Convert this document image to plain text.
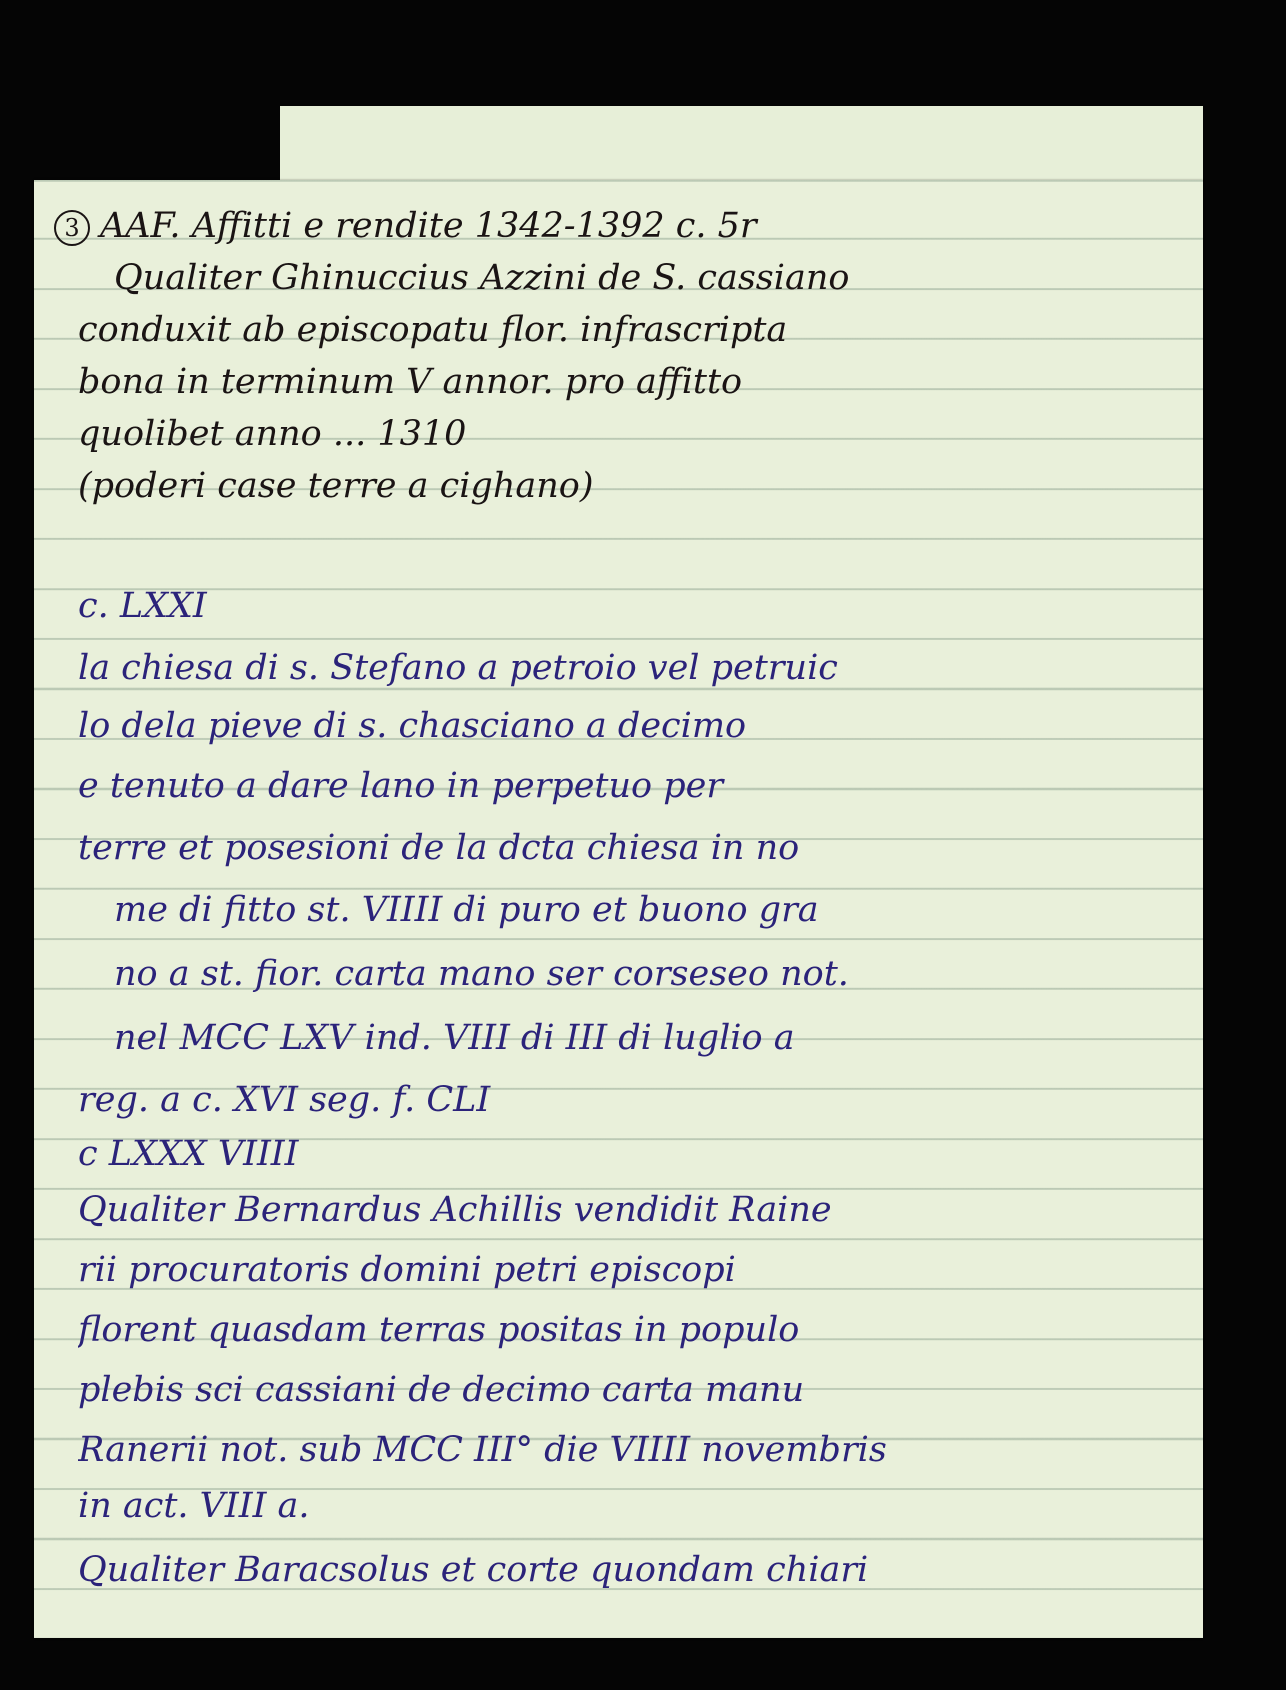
3 AAF. Affitti e rendite 1342-1392 c. 5r
Qualiter Ghinuccius Azzini de S. cassiano
conduxit ab episcopatu flor. infrascripta
bona in terminum V annor. pro affitto
quolibet anno ... 1310
(poderi case terre a cighano)
c. LXXI
la chiesa di s. Stefano a petroio vel petruic
lo dela pieve di s. chasciano a decimo
e tenuto a dare lano in perpetuo per
terre et posesioni de la dcta chiesa in no
me di fitto st. VIIII di puro et buono gra
no a st. fior. carta mano ser corseseo not.
nel MCC LXV ind. VIII di III di luglio a
reg. a c. XVI seg. f. CLI
c LXXX VIIII
Qualiter Bernardus Achillis vendidit Raine
rii procuratoris domini petri episcopi
florent quasdam terras positas in populo
plebis sci cassiani de decimo carta manu
Ranerii not. sub MCC III° die VIIII novembris
in act. VIII a.
Qualiter Baracsolus et corte quondam chiari
